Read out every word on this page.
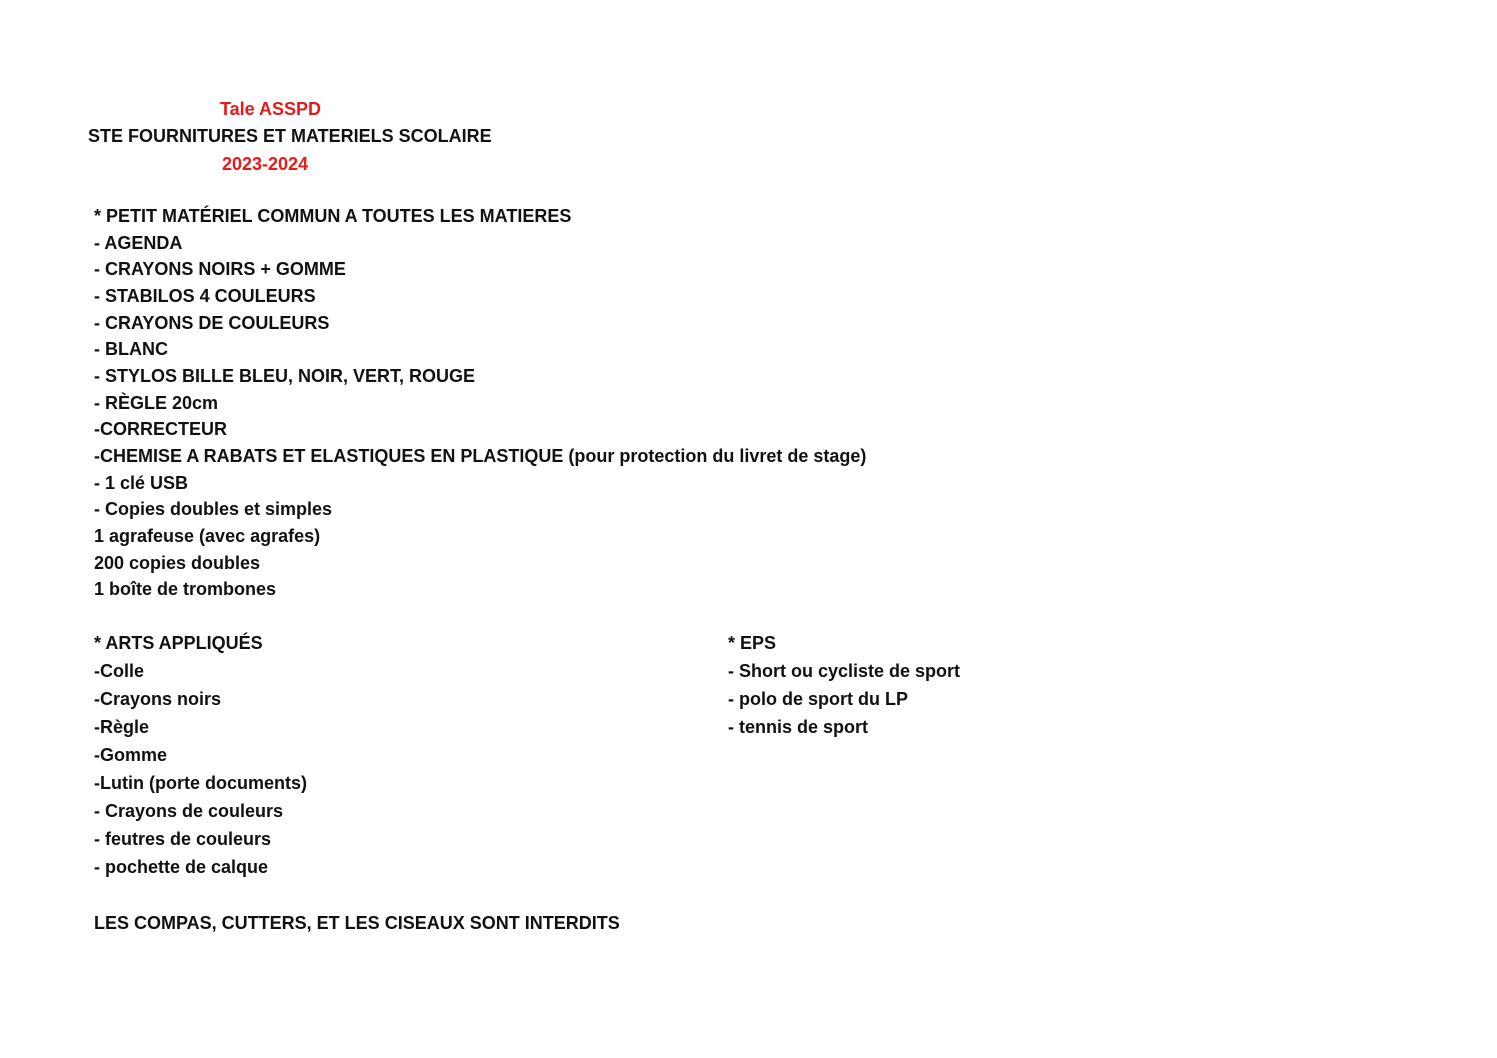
Tale ASSPD
STE FOURNITURES ET MATERIELS SCOLAIRE
2023-2024
* PETIT MATÉRIEL COMMUN A TOUTES LES MATIERES
- AGENDA
- CRAYONS NOIRS + GOMME
- STABILOS 4 COULEURS
- CRAYONS DE COULEURS
- BLANC
- STYLOS BILLE BLEU, NOIR, VERT, ROUGE
- RÈGLE 20cm
-CORRECTEUR
-CHEMISE A RABATS ET ELASTIQUES EN PLASTIQUE (pour protection du livret de stage)
- 1 clé USB
- Copies doubles et simples
1 agrafeuse (avec agrafes)
200 copies doubles
1 boîte de trombones
* ARTS APPLIQUÉS
-Colle
-Crayons noirs
-Règle
-Gomme
-Lutin (porte documents)
- Crayons de couleurs
- feutres de couleurs
- pochette de calque
* EPS
- Short ou cycliste de sport
- polo de sport du LP
- tennis de sport
LES COMPAS, CUTTERS, ET LES CISEAUX SONT INTERDITS
